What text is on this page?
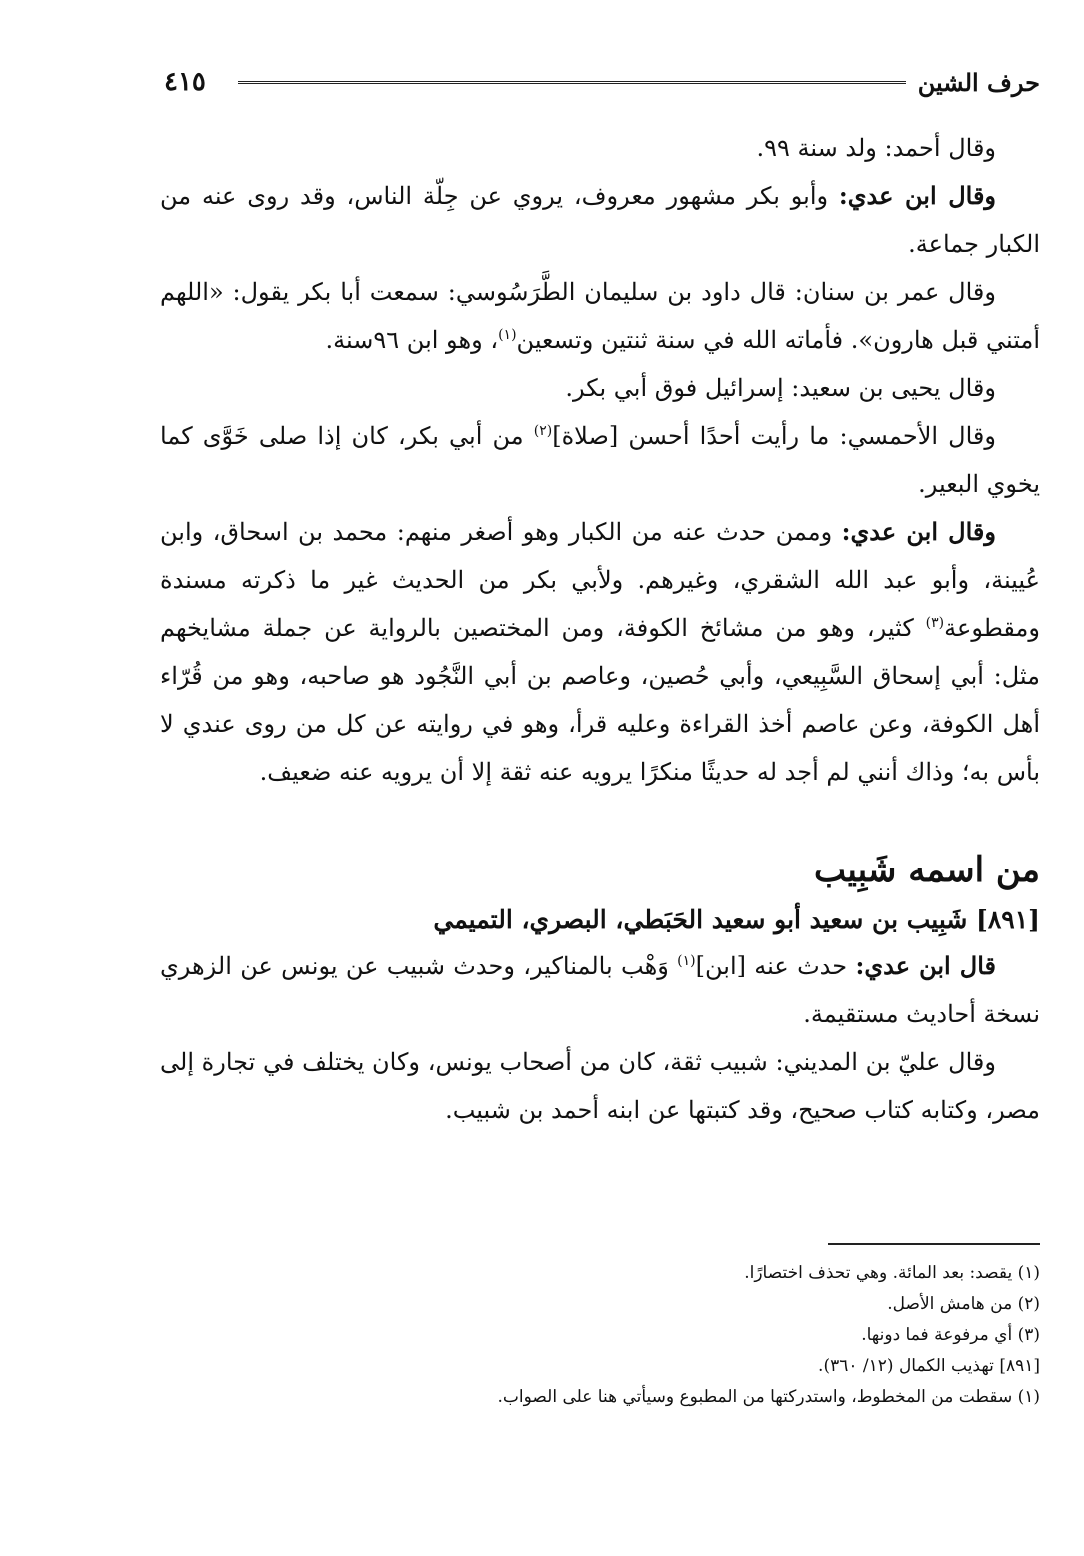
حرف الشين
٤١٥

وقال أحمد: ولد سنة ٩٩.

وقال ابن عدي: وأبو بكر مشهور معروف، يروي عن جِلّة الناس، وقد روى عنه من الكبار جماعة.

وقال عمر بن سنان: قال داود بن سليمان الطَّرَسُوسي: سمعت أبا بكر يقول: «اللهم أمتني قبل هارون». فأماته الله في سنة ثنتين وتسعين$^{(١)}$، وهو ابن ٩٦سنة.

وقال يحيى بن سعيد: إسرائيل فوق أبي بكر.

وقال الأحمسي: ما رأيت أحدًا أحسن [صلاة]$^{(٢)}$ من أبي بكر، كان إذا صلى خَوَّى كما يخوي البعير.

وقال ابن عدي: وممن حدث عنه من الكبار وهو أصغر منهم: محمد بن اسحاق، وابن عُيينة، وأبو عبد الله الشقري، وغيرهم. ولأبي بكر من الحديث غير ما ذكرته مسندة ومقطوعة$^{(٣)}$ كثير، وهو من مشائخ الكوفة، ومن المختصين بالرواية عن جملة مشايخهم مثل: أبي إسحاق السَّبِيعي، وأبي حُصين، وعاصم بن أبي النَّجُود هو صاحبه، وهو من قُرّاء أهل الكوفة، وعن عاصم أخذ القراءة وعليه قرأ، وهو في روايته عن كل من روى عندي لا بأس به؛ وذاك أنني لم أجد له حديثًا منكرًا يرويه عنه ثقة إلا أن يرويه عنه ضعيف.

من اسمه شَبِيب
[٨٩١] شَبِيب بن سعيد أبو سعيد الحَبَطي، البصري، التميمي

قال ابن عدي: حدث عنه [ابن]$^{(١)}$ وَهْب بالمناكير، وحدث شبيب عن يونس عن الزهري نسخة أحاديث مستقيمة.

وقال عليّ بن المديني: شبيب ثقة، كان من أصحاب يونس، وكان يختلف في تجارة إلى مصر، وكتابه كتاب صحيح، وقد كتبتها عن ابنه أحمد بن شبيب.

(١) يقصد: بعد المائة. وهي تحذف اختصارًا.
(٢) من هامش الأصل.
(٣) أي مرفوعة فما دونها.
[٨٩١] تهذيب الكمال (١٢/ ٣٦٠).
(١) سقطت من المخطوط، واستدركتها من المطبوع وسيأتي هنا على الصواب.
